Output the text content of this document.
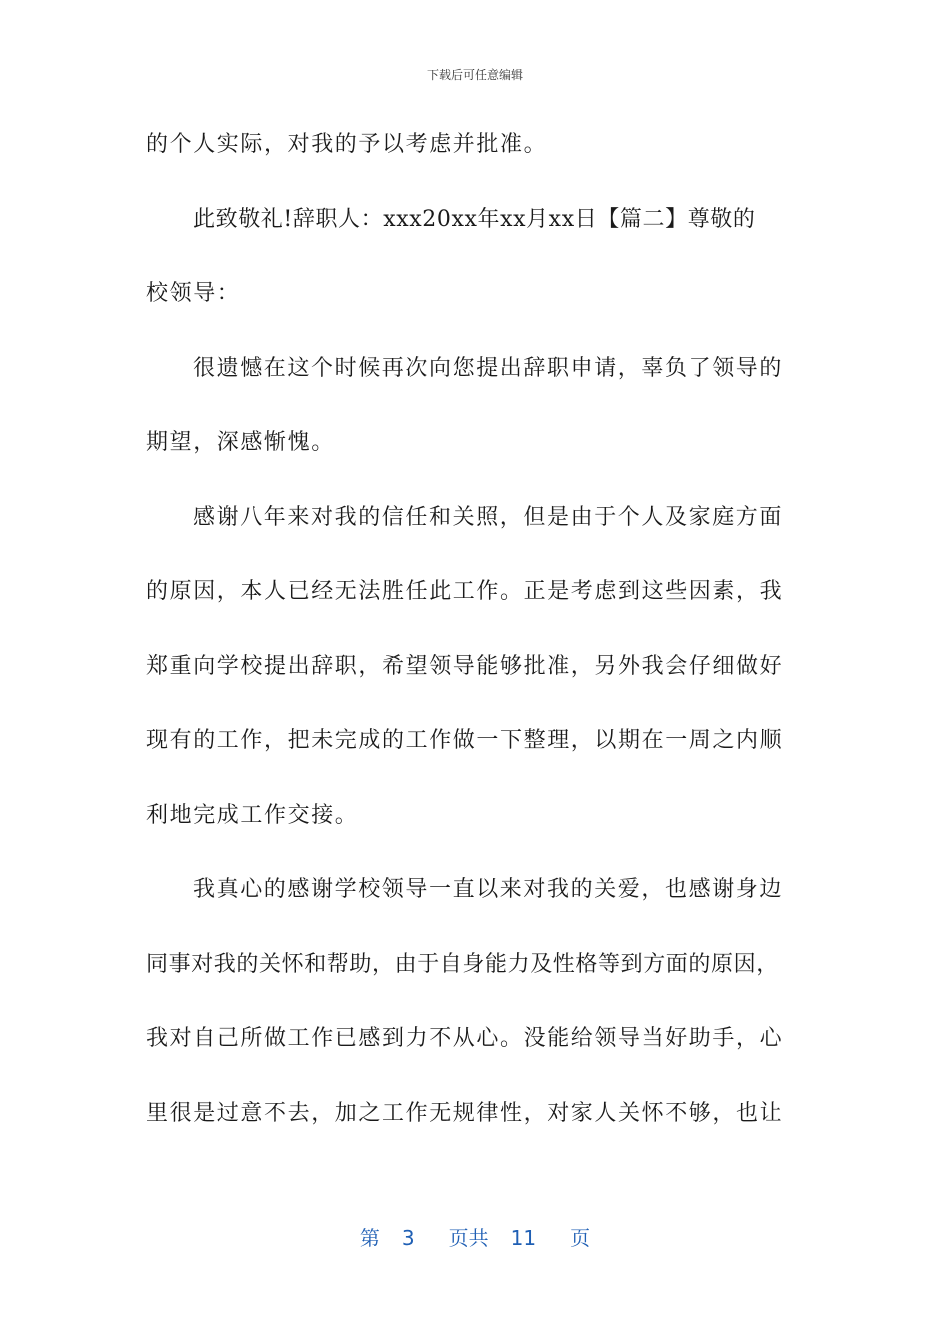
下载后可任意编辑
的个人实际，对我的予以考虑并批准。
此致敬礼!辞职人：xxx20xx年xx月xx日【篇二】尊敬的
校领导：
很遗憾在这个时候再次向您提出辞职申请，辜负了领导的
期望，深感惭愧。
感谢八年来对我的信任和关照，但是由于个人及家庭方面
的原因，本人已经无法胜任此工作。正是考虑到这些因素，我
郑重向学校提出辞职，希望领导能够批准，另外我会仔细做好
现有的工作，把未完成的工作做一下整理，以期在一周之内顺
利地完成工作交接。
我真心的感谢学校领导一直以来对我的关爱，也感谢身边
同事对我的关怀和帮助，由于自身能力及性格等到方面的原因，
我对自己所做工作已感到力不从心。没能给领导当好助手，心
里很是过意不去，加之工作无规律性，对家人关怀不够，也让
第 3 页共 11 页
